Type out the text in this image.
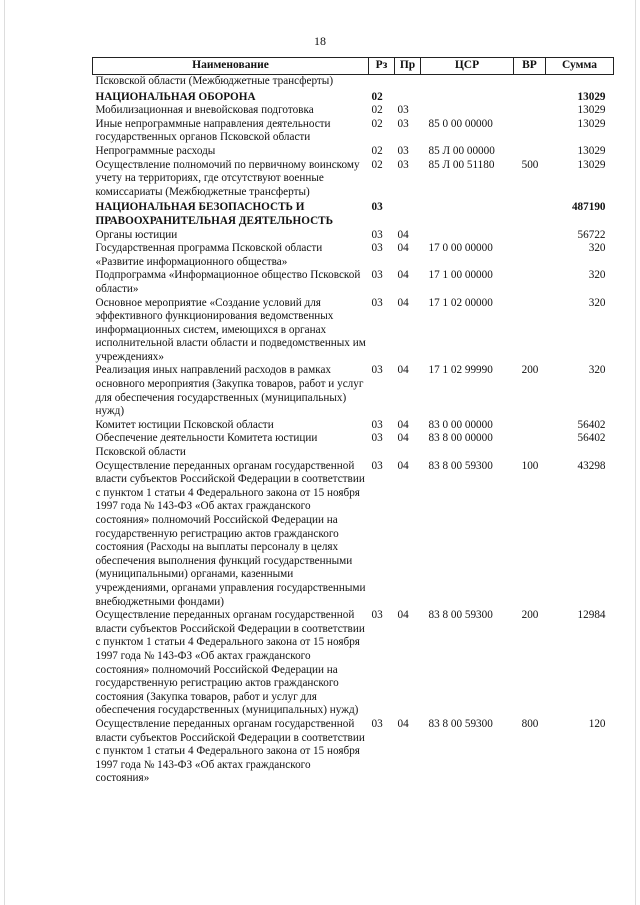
18
Наименование	Рз	Пр	ЦСР	ВР	Сумма
Псковской области (Межбюджетные трансферты)					
НАЦИОНАЛЬНАЯ ОБОРОНА	02				13029
Мобилизационная и вневойсковая подготовка	02	03			13029
Иные непрограммные направления деятельности государственных органов Псковской области	02	03	85 0 00 00000		13029
Непрограммные расходы	02	03	85 Л 00 00000		13029
Осуществление полномочий по первичному воинскому учету на территориях, где отсутствуют военные комиссариаты (Межбюджетные трансферты)	02	03	85 Л 00 51180	500	13029
НАЦИОНАЛЬНАЯ БЕЗОПАСНОСТЬ И ПРАВООХРАНИТЕЛЬНАЯ ДЕЯТЕЛЬНОСТЬ	03				487190
Органы юстиции	03	04			56722
Государственная программа Псковской области «Развитие информационного общества»	03	04	17 0 00 00000		320
Подпрограмма «Информационное общество Псковской области»	03	04	17 1 00 00000		320
Основное мероприятие «Создание условий для эффективного функционирования ведомственных информационных систем, имеющихся в органах исполнительной власти области и подведомственных им учреждениях»	03	04	17 1 02 00000		320
Реализация иных направлений расходов в рамках основного мероприятия (Закупка товаров, работ и услуг для обеспечения государственных (муниципальных) нужд)	03	04	17 1 02 99990	200	320
Комитет юстиции Псковской области	03	04	83 0 00 00000		56402
Обеспечение деятельности Комитета юстиции Псковской области	03	04	83 8 00 00000		56402
Осуществление переданных органам государственной власти субъектов Российской Федерации в соответствии с пунктом 1 статьи 4 Федерального закона от 15 ноября 1997 года № 143-ФЗ «Об актах гражданского состояния» полномочий Российской Федерации на государственную регистрацию актов гражданского состояния (Расходы на выплаты персоналу в целях обеспечения выполнения функций государственными (муниципальными) органами, казенными учреждениями, органами управления государственными внебюджетными фондами)	03	04	83 8 00 59300	100	43298
Осуществление переданных органам государственной власти субъектов Российской Федерации в соответствии с пунктом 1 статьи 4 Федерального закона от 15 ноября 1997 года № 143-ФЗ «Об актах гражданского состояния» полномочий Российской Федерации на государственную регистрацию актов гражданского состояния (Закупка товаров, работ и услуг для обеспечения государственных (муниципальных) нужд)	03	04	83 8 00 59300	200	12984
Осуществление переданных органам государственной власти субъектов Российской Федерации в соответствии с пунктом 1 статьи 4 Федерального закона от 15 ноября 1997 года № 143-ФЗ «Об актах гражданского состояния»	03	04	83 8 00 59300	800	120
